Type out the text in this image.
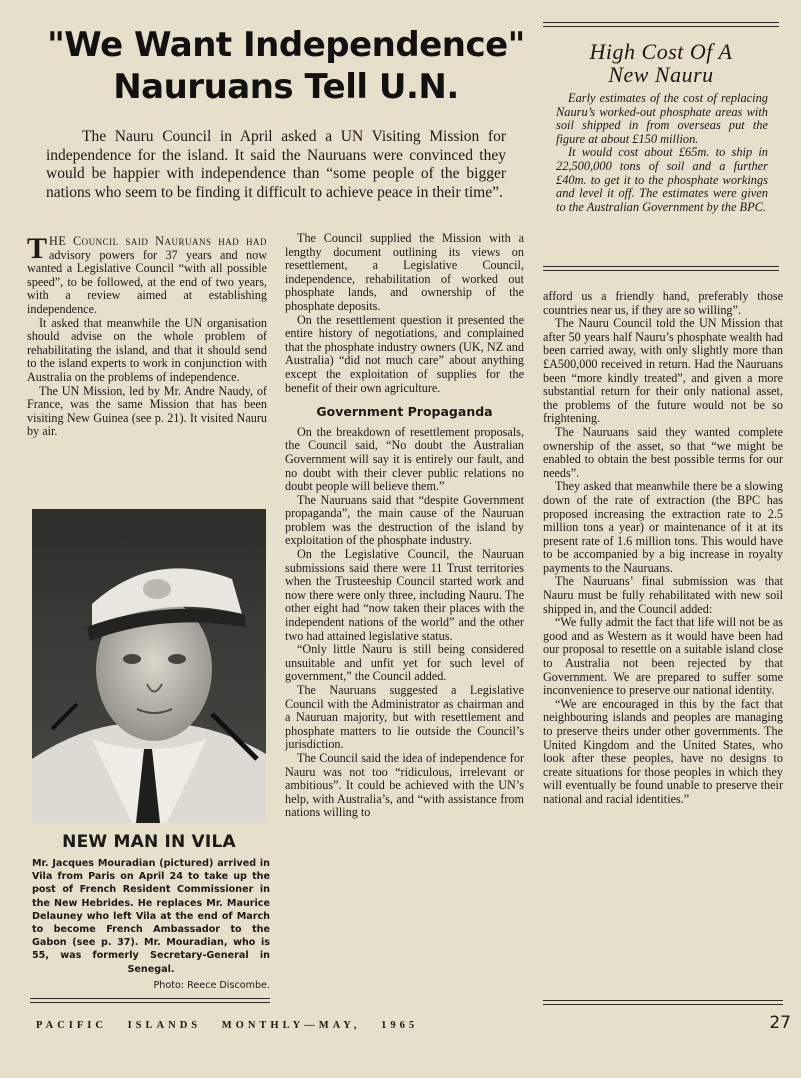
"We Want Independence"
Nauruans Tell U.N.

The Nauru Council in April asked a UN Visiting Mission for independence for the island. It said the Nauruans were convinced they would be happier with independence than “some people of the bigger nations who seem to be finding it difficult to achieve peace in their time”.

THE Council said Nauruans had had advisory powers for 37 years and now wanted a Legislative Council “with all possible speed”, to be followed, at the end of two years, with a review aimed at establishing independence.

It asked that meanwhile the UN organisation should advise on the whole problem of rehabilitating the island, and that it should send to the island experts to work in conjunction with Australia on the problems of independence.

The UN Mission, led by Mr. Andre Naudy, of France, was the same Mission that has been visiting New Guinea (see p. 21). It visited Nauru by air.

NEW MAN IN VILA
Mr. Jacques Mouradian (pictured) arrived in Vila from Paris on April 24 to take up the post of French Resident Commissioner in the New Hebrides. He replaces Mr. Maurice Delauney who left Vila at the end of March to become French Ambassador to the Gabon (see p. 37). Mr. Mouradian, who is 55, was formerly Secretary-General in Senegal.
Photo: Reece Discombe.

The Council supplied the Mission with a lengthy document outlining its views on resettlement, a Legislative Council, independence, rehabilitation of worked out phosphate lands, and ownership of the phosphate deposits.

On the resettlement question it presented the entire history of negotiations, and complained that the phosphate industry owners (UK, NZ and Australia) “did not much care” about anything except the exploitation of supplies for the benefit of their own agriculture.

Government Propaganda

On the breakdown of resettlement proposals, the Council said, “No doubt the Australian Government will say it is entirely our fault, and no doubt with their clever public relations no doubt people will believe them.”

The Nauruans said that “despite Government propaganda”, the main cause of the Nauruan problem was the destruction of the island by exploitation of the phosphate industry.

On the Legislative Council, the Nauruan submissions said there were 11 Trust territories when the Trusteeship Council started work and now there were only three, including Nauru. The other eight had “now taken their places with the independent nations of the world” and the other two had attained legislative status.

“Only little Nauru is still being considered unsuitable and unfit yet for such level of government,” the Council added.

The Nauruans suggested a Legislative Council with the Administrator as chairman and a Nauruan majority, but with resettlement and phosphate matters to lie outside the Council’s jurisdiction.

The Council said the idea of independence for Nauru was not too “ridiculous, irrelevant or ambitious”. It could be achieved with the UN’s help, with Australia’s, and “with assistance from nations willing to

High Cost Of A
New Nauru

Early estimates of the cost of replacing Nauru’s worked-out phosphate areas with soil shipped in from overseas put the figure at about £150 million.

It would cost about £65m. to ship in 22,500,000 tons of soil and a further £40m. to get it to the phosphate workings and level it off. The estimates were given to the Australian Government by the BPC.

afford us a friendly hand, preferably those countries near us, if they are so willing”.

The Nauru Council told the UN Mission that after 50 years half Nauru’s phosphate wealth had been carried away, with only slightly more than £A500,000 received in return. Had the Nauruans been “more kindly treated”, and given a more substantial return for their only national asset, the problems of the future would not be so frightening.

The Nauruans said they wanted complete ownership of the asset, so that “we might be enabled to obtain the best possible terms for our needs”.

They asked that meanwhile there be a slowing down of the rate of extraction (the BPC has proposed increasing the extraction rate to 2.5 million tons a year) or maintenance of it at its present rate of 1.6 million tons. This would have to be accompanied by a big increase in royalty payments to the Nauruans.

The Nauruans’ final submission was that Nauru must be fully rehabilitated with new soil shipped in, and the Council added:

“We fully admit the fact that life will not be as good and as Western as it would have been had our proposal to resettle on a suitable island close to Australia not been rejected by that Government. We are prepared to suffer some inconvenience to preserve our national identity.

“We are encouraged in this by the fact that neighbouring islands and peoples are managing to preserve theirs under other governments. The United Kingdom and the United States, who look after these peoples, have no designs to create situations for those peoples in which they will eventually be found unable to preserve their national and racial identities.”

PACIFIC ISLANDS MONTHLY—MAY, 1965	27
